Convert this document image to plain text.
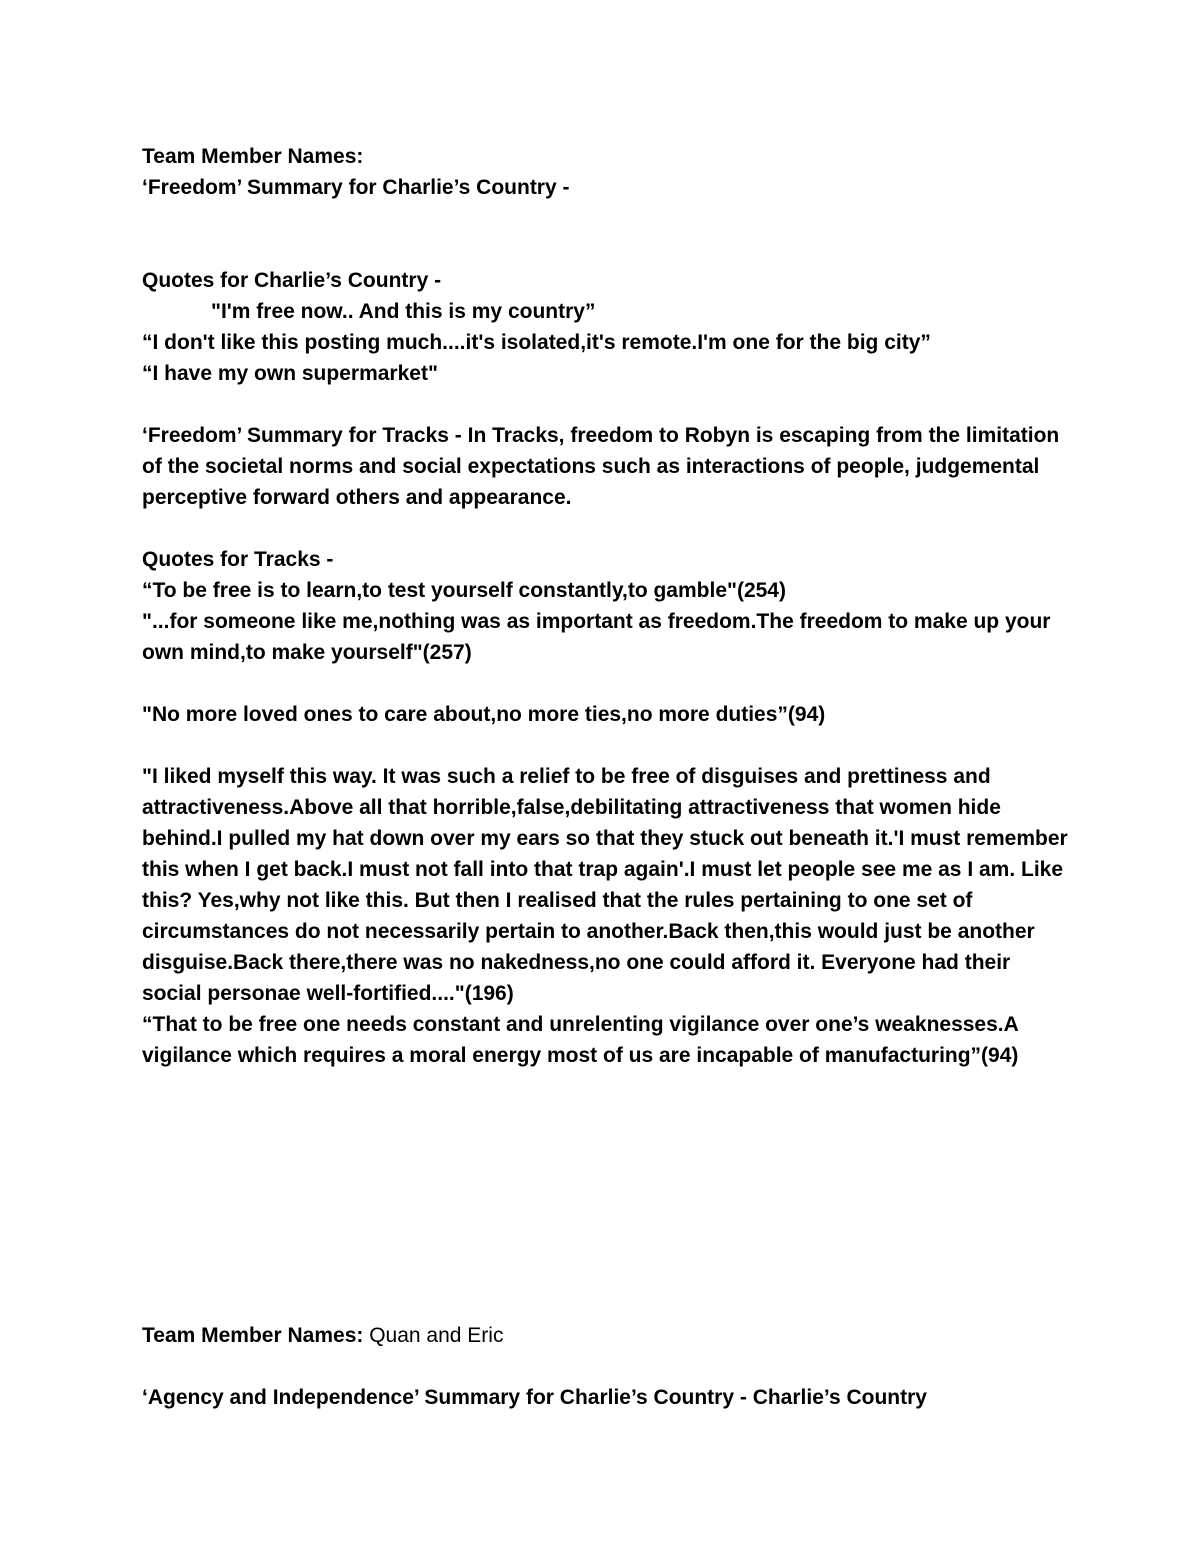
Team Member Names:

‘Freedom’ Summary for Charlie’s Country -

Quotes for Charlie’s Country -

"I'm free now.. And this is my country”

“I don't like this posting much....it's isolated,it's remote.I'm one for the big city”

“I have my own supermarket"

‘Freedom’ Summary for Tracks - In Tracks, freedom to Robyn is escaping from the limitation of the societal norms and social expectations such as interactions of people, judgemental perceptive forward others and appearance.

Quotes for Tracks -

“To be free is to learn,to test yourself constantly,to gamble"(254)

"...for someone like me,nothing was as important as freedom.The freedom to make up your own mind,to make yourself"(257)

"No more loved ones to care about,no more ties,no more duties”(94)

"I liked myself this way. It was such a relief to be free of disguises and prettiness and attractiveness.Above all that horrible,false,debilitating attractiveness that women hide behind.I pulled my hat down over my ears so that they stuck out beneath it.'I must remember this when I get back.I must not fall into that trap again'.I must let people see me as I am. Like this? Yes,why not like this. But then I realised that the rules pertaining to one set of circumstances do not necessarily pertain to another.Back then,this would just be another disguise.Back there,there was no nakedness,no one could afford it. Everyone had their social personae well-fortified...."(196)

“That to be free one needs constant and unrelenting vigilance over one’s weaknesses.A vigilance which requires a moral energy most of us are incapable of manufacturing”(94)

Team Member Names: Quan and Eric

‘Agency and Independence’ Summary for Charlie’s Country - Charlie’s Country
